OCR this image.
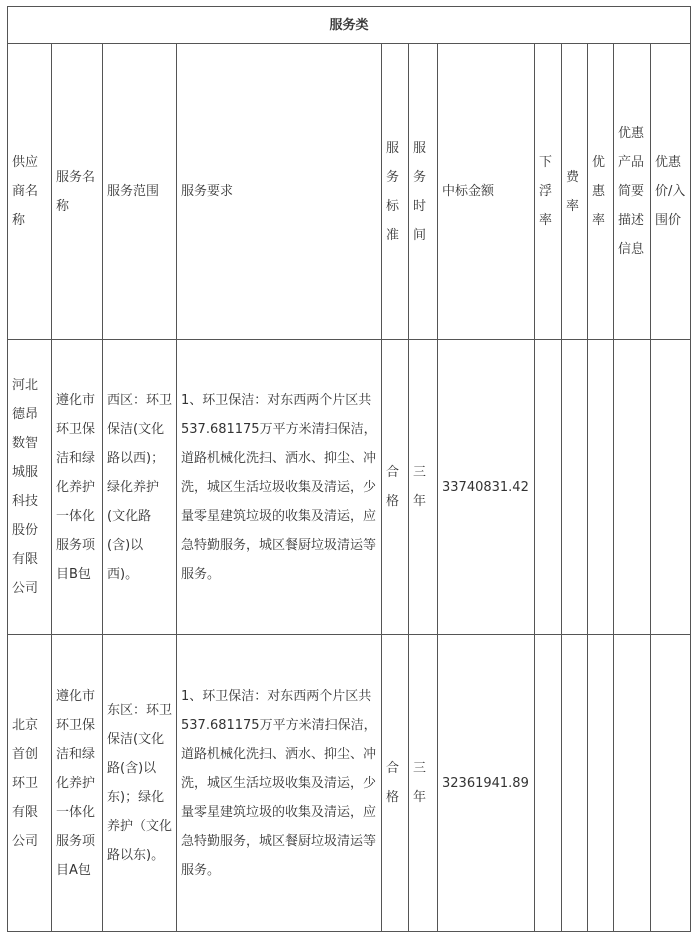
服务类											
供应商名称	服务名称	服务范围	服务要求	服务标准	服务时间	中标金额	下浮率	费率	优惠率	优惠产品简要描述信息	优惠价/入围价
河北德昂数智城服科技股份有限公司	遵化市环卫保洁和绿化养护一体化服务项目B包	西区：环卫保洁(文化路以西)；绿化养护(文化路(含)以西)。	1、环卫保洁：对东西两个片区共537.681175万平方米清扫保洁，道路机械化洗扫、洒水、抑尘、冲洗，城区生活垃圾收集及清运，少量零星建筑垃圾的收集及清运，应急特勤服务，城区餐厨垃圾清运等服务。	合格	三年	33740831.42					
北京首创环卫有限公司	遵化市环卫保洁和绿化养护一体化服务项目A包	东区：环卫保洁(文化路(含)以东)；绿化养护（文化路以东)。	1、环卫保洁：对东西两个片区共537.681175万平方米清扫保洁，道路机械化洗扫、洒水、抑尘、冲洗，城区生活垃圾收集及清运，少量零星建筑垃圾的收集及清运，应急特勤服务，城区餐厨垃圾清运等服务。	合格	三年	32361941.89					
